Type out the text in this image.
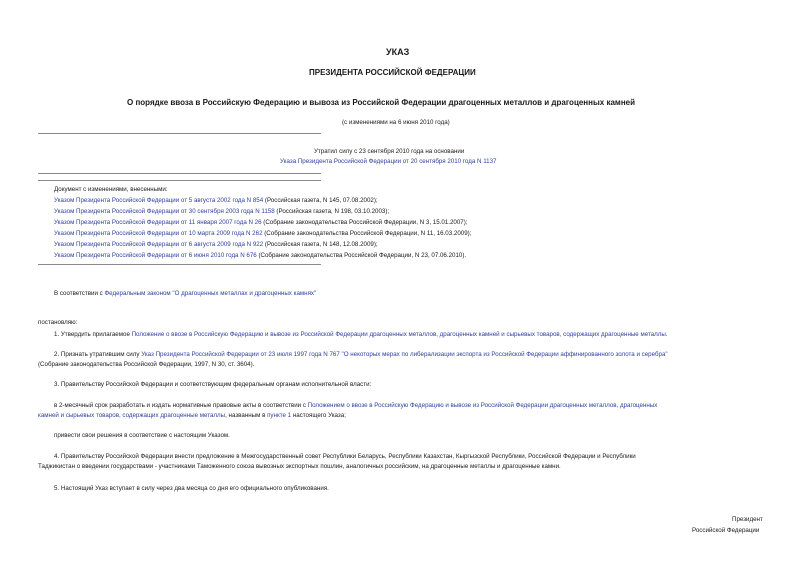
УКАЗ
ПРЕЗИДЕНТА РОССИЙСКОЙ ФЕДЕРАЦИИ
О порядке ввоза в Российскую Федерацию и вывоза из Российской Федерации драгоценных металлов и драгоценных камней
(с изменениями на 6 июня 2010 года)
Утратил силу с 23 сентября 2010 года на основании
Указа Президента Российской Федерации от 20 сентября 2010 года N 1137
Документ с изменениями, внесенными:
Указом Президента Российской Федерации от 5 августа 2002 года N 854 (Российская газета, N 145, 07.08.2002);
Указом Президента Российской Федерации от 30 сентября 2003 года N 1158 (Российская газета, N 198, 03.10.2003);
Указом Президента Российской Федерации от 11 января 2007 года N 26 (Собрание законодательства Российской Федерации, N 3, 15.01.2007);
Указом Президента Российской Федерации от 10 марта 2009 года N 262 (Собрание законодательства Российской Федерации, N 11, 16.03.2009);
Указом Президента Российской Федерации от 6 августа 2009 года N 922 (Российская газета, N 148, 12.08.2009);
Указом Президента Российской Федерации от 6 июня 2010 года N 676 (Собрание законодательства Российской Федерации, N 23, 07.06.2010).
В соответствии с Федеральным законом "О драгоценных металлах и драгоценных камнях"
постановляю:
1. Утвердить прилагаемое Положение о ввозе в Российскую Федерацию и вывозе из Российской Федерации драгоценных металлов, драгоценных камней и сырьевых товаров, содержащих драгоценные металлы.
2. Признать утратившим силу Указ Президента Российской Федерации от 23 июля 1997 года N 767 "О некоторых мерах по либерализации экспорта из Российской Федерации аффинированного золота и серебра"
(Собрание законодательства Российской Федерации, 1997, N 30, ст. 3604).
3. Правительству Российской Федерации и соответствующим федеральным органам исполнительной власти:
в 2-месячный срок разработать и издать нормативные правовые акты в соответствии с Положением о ввозе в Российскую Федерацию и вывозе из Российской Федерации драгоценных металлов, драгоценных
камней и сырьевых товаров, содержащих драгоценные металлы, названным в пункте 1 настоящего Указа;
привести свои решения в соответствие с настоящим Указом.
4. Правительству Российской Федерации внести предложение в Межгосударственный совет Республики Беларусь, Республики Казахстан, Кыргызской Республики, Российской Федерации и Республики
Таджикистан о введении государствами - участниками Таможенного союза вывозных экспортных пошлин, аналогичных российским, на драгоценные металлы и драгоценные камни.
5. Настоящий Указ вступает в силу через два месяца со дня его официального опубликования.
Президент
Российской Федерации
